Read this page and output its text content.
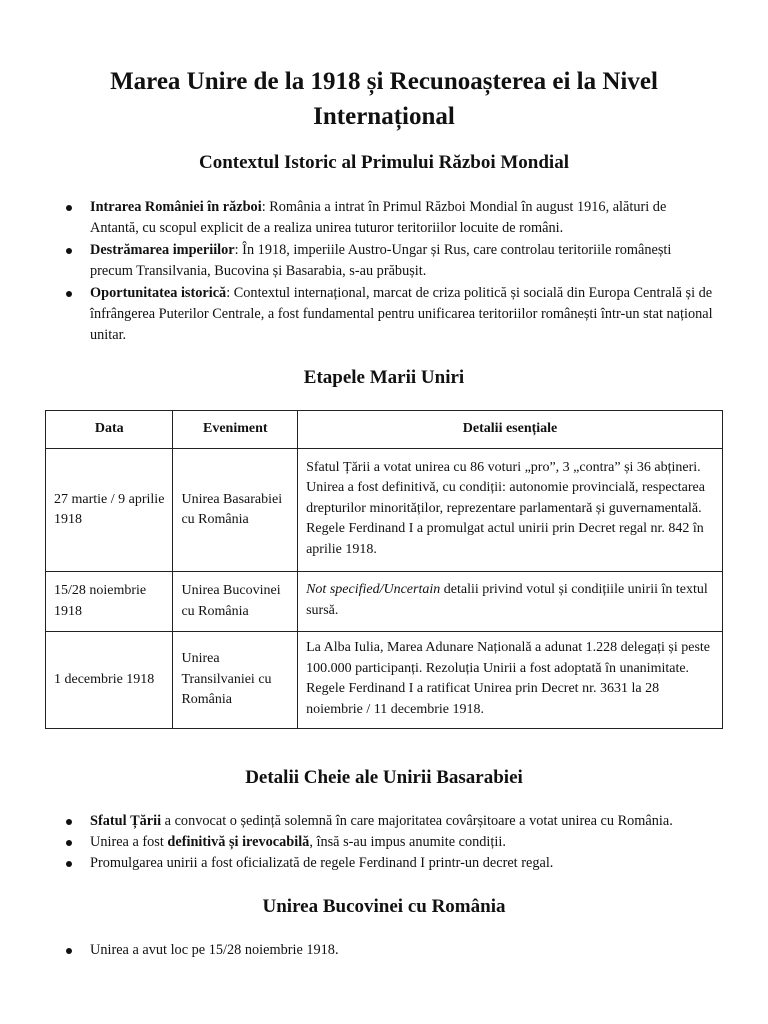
Marea Unire de la 1918 și Recunoașterea ei la Nivel Internațional
Contextul Istoric al Primului Război Mondial
Intrarea României în război: România a intrat în Primul Război Mondial în august 1916, alături de Antantă, cu scopul explicit de a realiza unirea tuturor teritoriilor locuite de români.
Destrămarea imperiilor: În 1918, imperiile Austro-Ungar și Rus, care controlau teritoriile românești precum Transilvania, Bucovina și Basarabia, s-au prăbușit.
Oportunitatea istorică: Contextul internațional, marcat de criza politică și socială din Europa Centrală și de înfrângerea Puterilor Centrale, a fost fundamental pentru unificarea teritoriilor românești într-un stat național unitar.
Etapele Marii Uniri
Data	Eveniment	Detalii esențiale
27 martie / 9 aprilie 1918	Unirea Basarabiei cu România	Sfatul Țării a votat unirea cu 86 voturi „pro”, 3 „contra” și 36 abțineri. Unirea a fost definitivă, cu condiții: autonomie provincială, respectarea drepturilor minorităților, reprezentare parlamentară și guvernamentală. Regele Ferdinand I a promulgat actul unirii prin Decret regal nr. 842 în aprilie 1918.
15/28 noiembrie 1918	Unirea Bucovinei cu România	Not specified/Uncertain detalii privind votul și condițiile unirii în textul sursă.
1 decembrie 1918	Unirea Transilvaniei cu România	La Alba Iulia, Marea Adunare Națională a adunat 1.228 delegați și peste 100.000 participanți. Rezoluția Unirii a fost adoptată în unanimitate. Regele Ferdinand I a ratificat Unirea prin Decret nr. 3631 la 28 noiembrie / 11 decembrie 1918.
Detalii Cheie ale Unirii Basarabiei
Sfatul Țării a convocat o ședință solemnă în care majoritatea covârșitoare a votat unirea cu România.
Unirea a fost definitivă și irevocabilă, însă s-au impus anumite condiții.
Promulgarea unirii a fost oficializată de regele Ferdinand I printr-un decret regal.
Unirea Bucovinei cu România
Unirea a avut loc pe 15/28 noiembrie 1918.
